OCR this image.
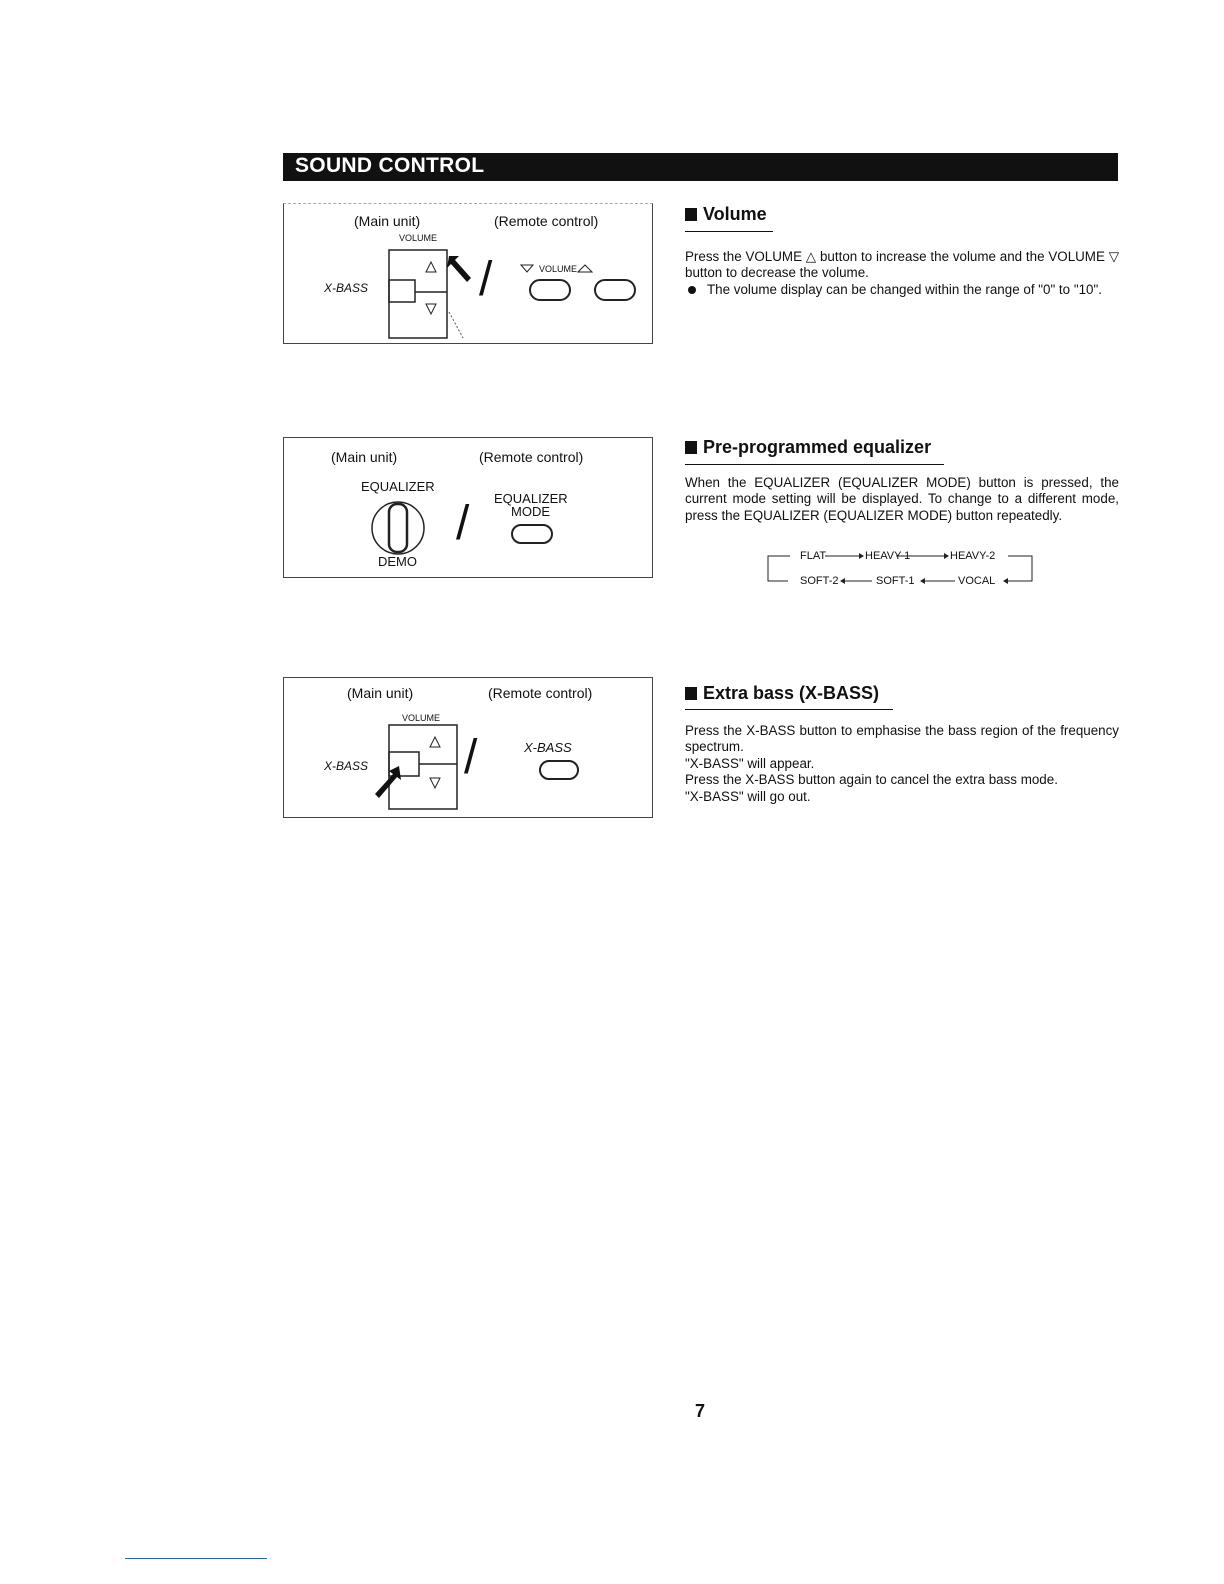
SOUND CONTROL
(Main unit)	(Remote control)
VOLUME
X-BASS /	VOLUME
Volume

Press the VOLUME △ button to increase the volume and the VOLUME ▽ button to decrease the volume.

The volume display can be changed within the range of "0" to "10".
(Main unit)	(Remote control)
EQUALIZER
DEMO
/ EQUALIZER
MODE
Pre-programmed equalizer

When the EQUALIZER (EQUALIZER MODE) button is pressed, the current mode setting will be displayed. To change to a different mode, press the EQUALIZER (EQUALIZER MODE) button repeatedly.

FLAT	HEAVY-1	HEAVY-2
SOFT-2	SOFT-1	VOCAL
(Main unit)	(Remote control)
VOLUME
X-BASS /	X-BASS
Extra bass (X-BASS)

Press the X-BASS button to emphasise the bass region of the frequency spectrum.

"X-BASS" will appear.

Press the X-BASS button again to cancel the extra bass mode.

"X-BASS" will go out.

7
